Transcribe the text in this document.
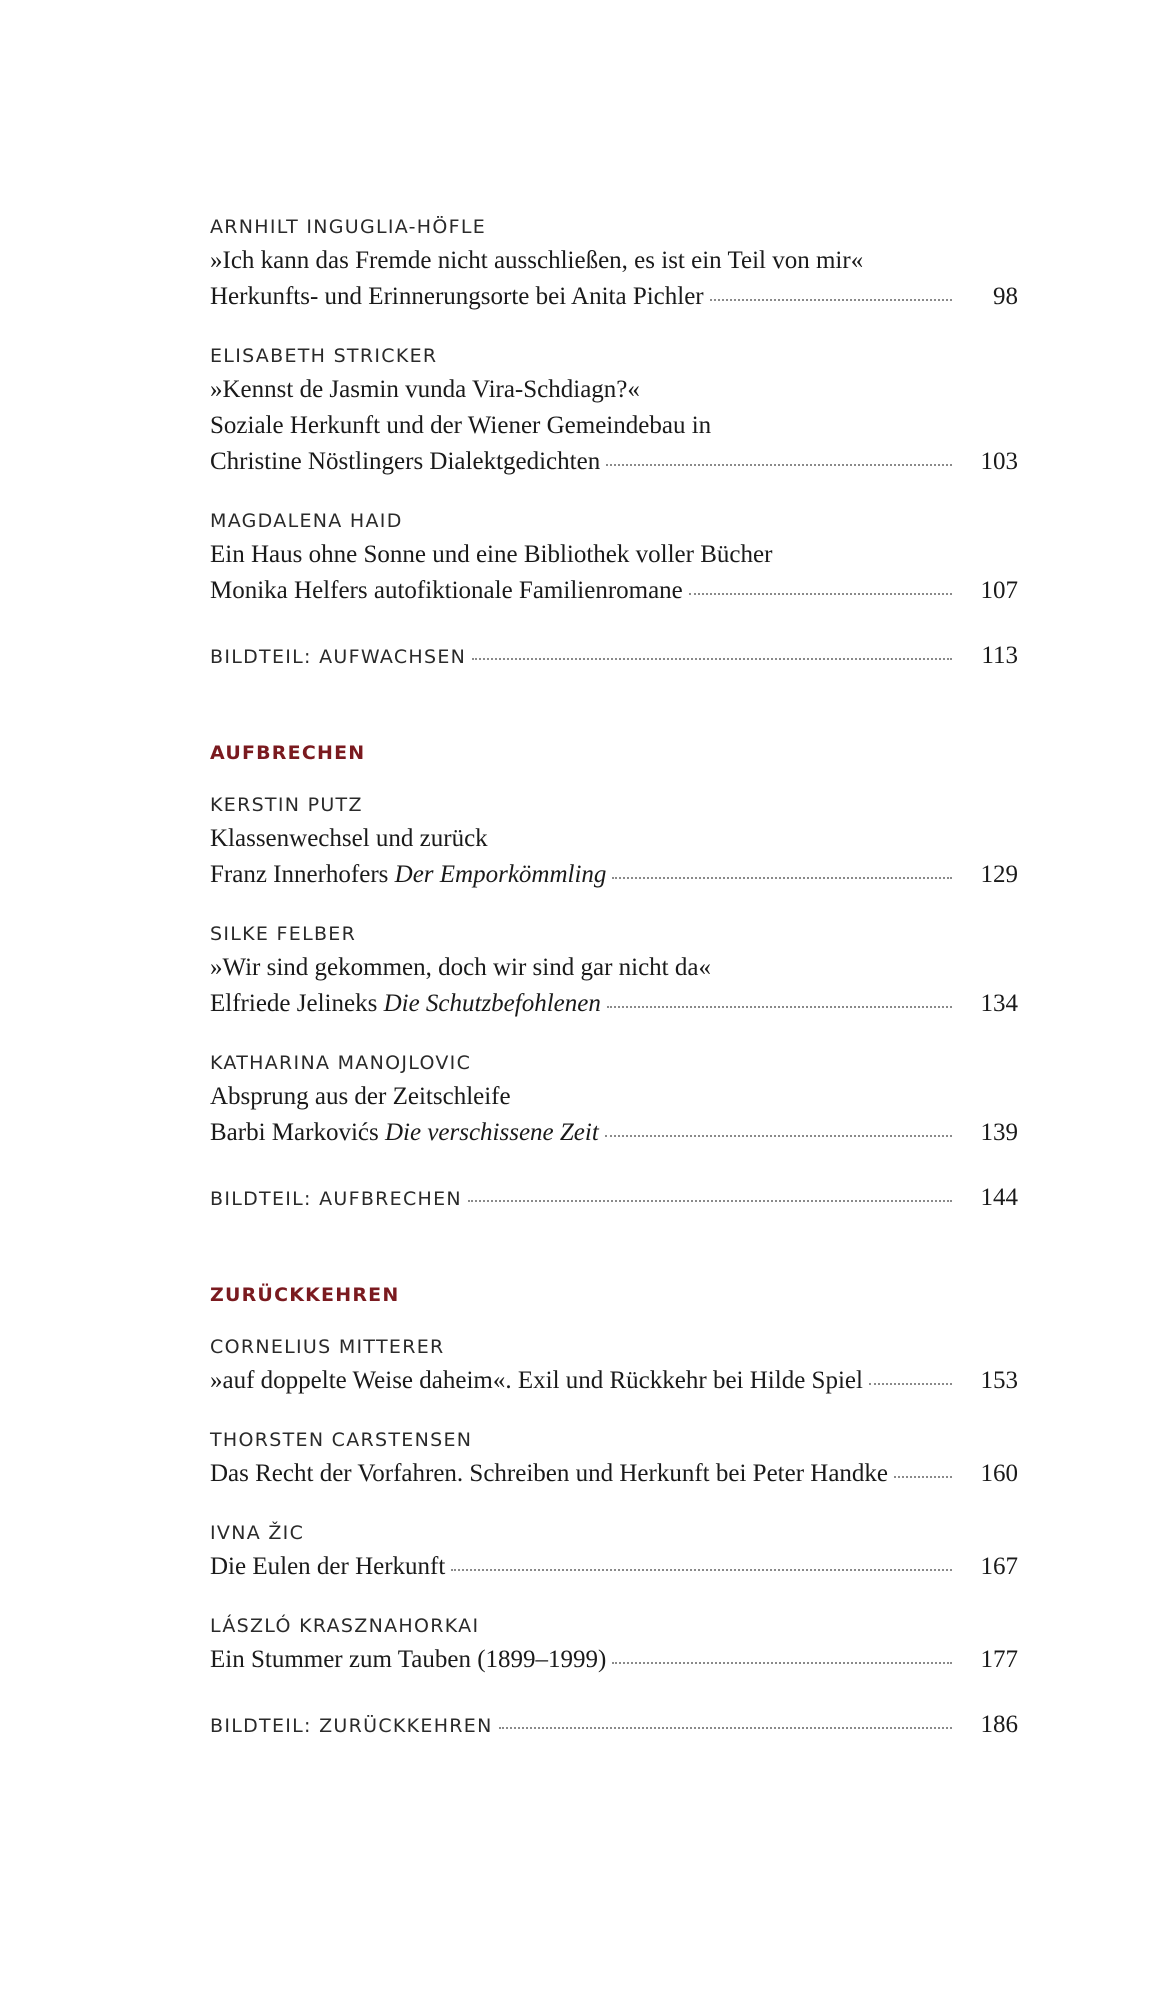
ARNHILT INGUGLIA-HÖFLE
»Ich kann das Fremde nicht ausschließen, es ist ein Teil von mir«
Herkunfts- und Erinnerungsorte bei Anita Pichler	98
ELISABETH STRICKER
»Kennst de Jasmin vunda Vira-Schdiagn?«
Soziale Herkunft und der Wiener Gemeindebau in
Christine Nöstlingers Dialektgedichten	103
MAGDALENA HAID
Ein Haus ohne Sonne und eine Bibliothek voller Bücher
Monika Helfers autofiktionale Familienromane	107
BILDTEIL: AUFWACHSEN	113
AUFBRECHEN
KERSTIN PUTZ
Klassenwechsel und zurück
Franz Innerhofers Der Emporkömmling	129
SILKE FELBER
»Wir sind gekommen, doch wir sind gar nicht da«
Elfriede Jelineks Die Schutzbefohlenen	134
KATHARINA MANOJLOVIC
Absprung aus der Zeitschleife
Barbi Markovićs Die verschissene Zeit	139
BILDTEIL: AUFBRECHEN	144
ZURÜCKKEHREN
CORNELIUS MITTERER
»auf doppelte Weise daheim«. Exil und Rückkehr bei Hilde Spiel	153
THORSTEN CARSTENSEN
Das Recht der Vorfahren. Schreiben und Herkunft bei Peter Handke	160
IVNA ŽIC
Die Eulen der Herkunft	167
LÁSZLÓ KRASZNAHORKAI
Ein Stummer zum Tauben (1899–1999)	177
BILDTEIL: ZURÜCKKEHREN	186
